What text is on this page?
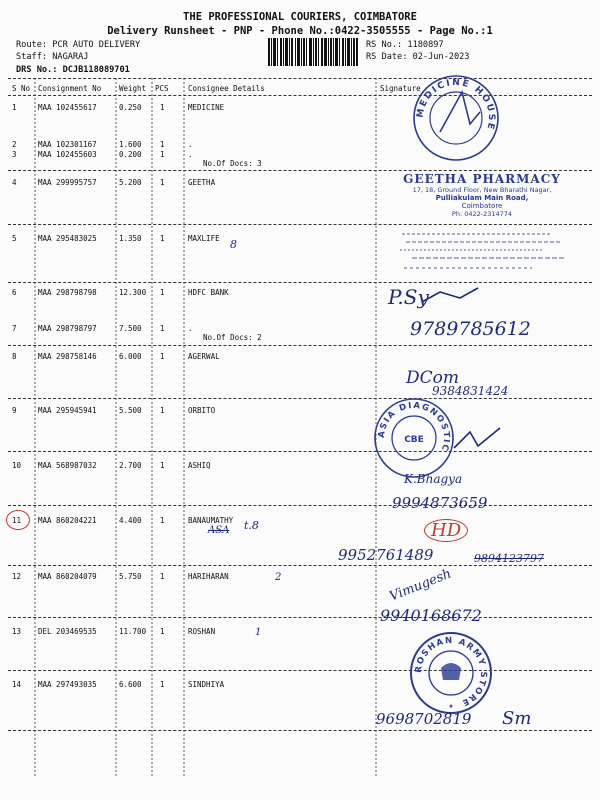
THE PROFESSIONAL COURIERS, COIMBATORE
Delivery Runsheet - PNP - Phone No.:0422-3505555 - Page No.:1
Route: PCR AUTO DELIVERY
Staff: NAGARAJ
DRS No.: DCJB118089701
RS No.: 1180897
RS Date: 02-Jun-2023
S No Consignment No Weight PCS	Consignee Details	Signature
1	MAA 102455617	0.250 1	MEDICINE
2	MAA 102301167	1.600 1	.
3	MAA 102455603	0.200 1	.
No.Of Docs: 3
4	MAA 299995757	5.200 1	GEETHA
5	MAA 295483025	1.350 1	MAXLIFE
6	MAA 298798798	12.300 1	HDFC BANK
7	MAA 298798797	7.500 1	.
No.Of Docs: 2
8	MAA 298758146	6.000 1	AGERWAL
9	MAA 295945941	5.500 1	ORBITO
10 MAA 568987032	2.700 1	ASHIQ
11 MAA 860204221	4.400 1	BANAUMATHY
12 MAA 860204079	5.750 1	HARIHARAN
13 DEL 203469535	11.700 1	ROSHAN
14 MAA 297493035	6.600 1	SINDHIYA
MEDICINE HOUSE
GEETHA PHARMACY
17, 18, Ground Floor, New Bharathi Nagar,
Pulliakulam Main Road,
Coimbatore
Ph: 0422-2314774
ASIA DIAGNOSTIC
CBE
ROSHAN ARMY STORE
★
8
P.Sy
9789785612
DCom
9384831424
K.Bhagya
9994873659
ASA t.8	HD
9952761489	9894123797
2	Vimugesh
9940168672
1
9698702819 Sm
